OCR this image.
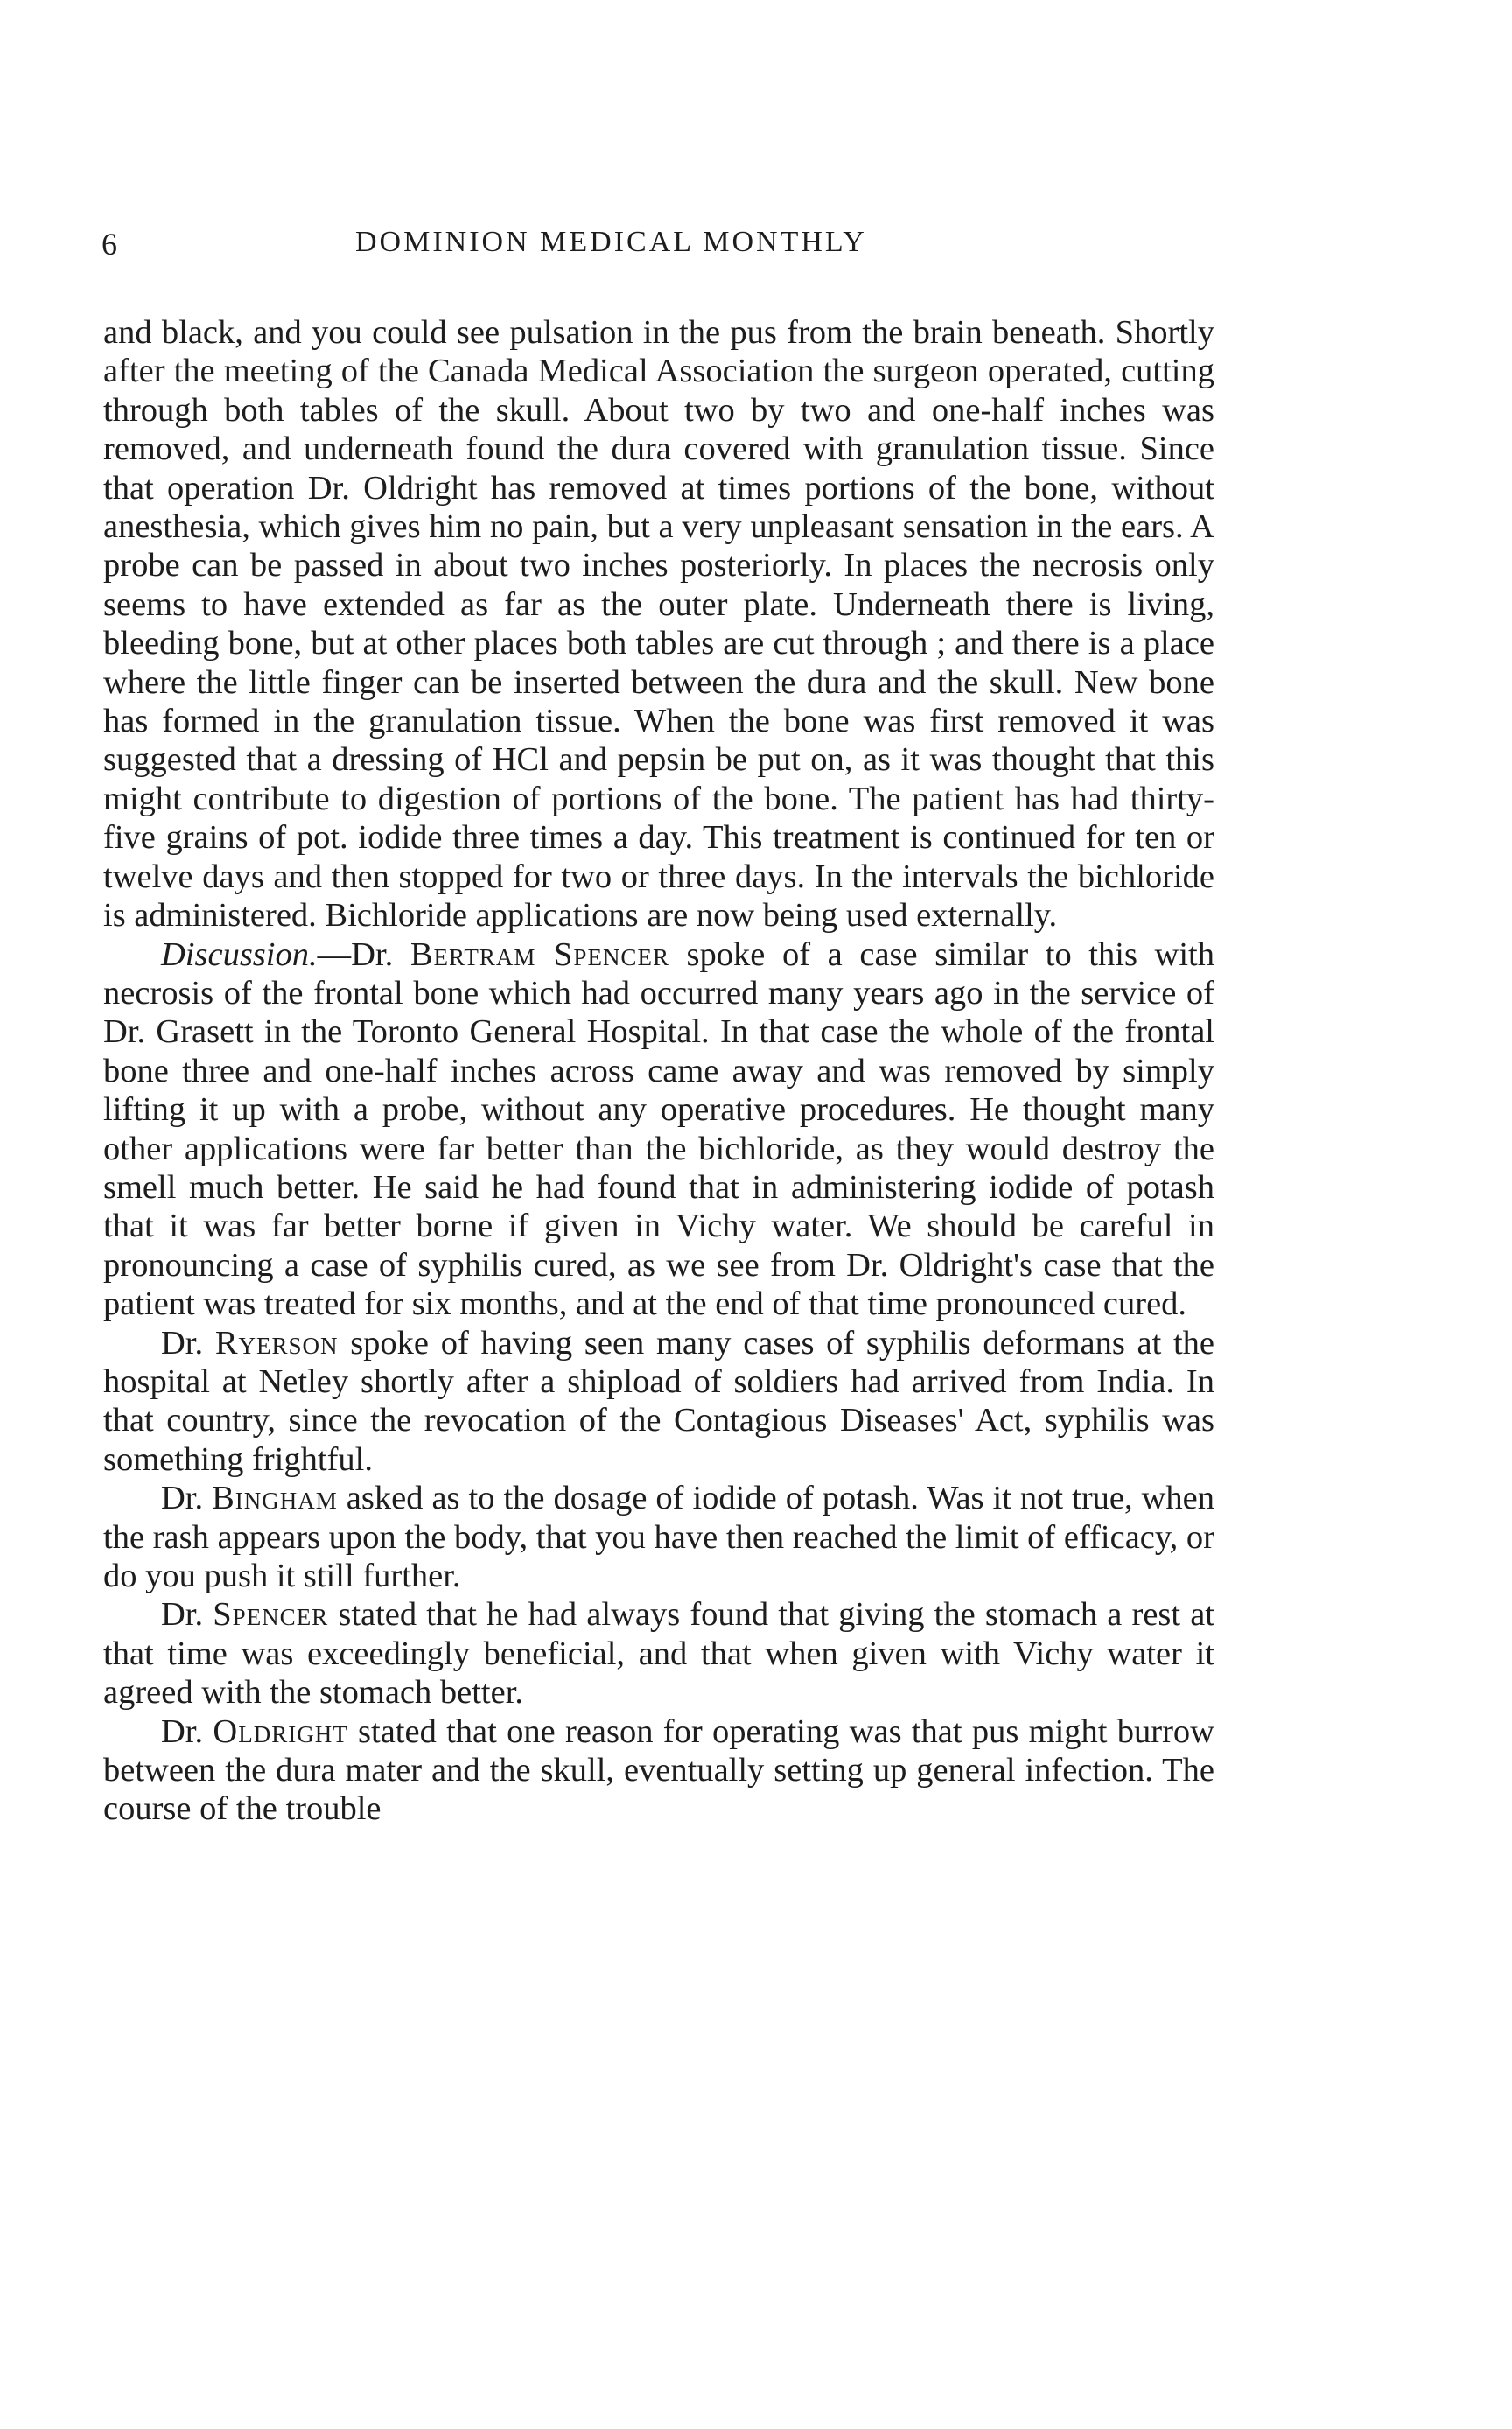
6	DOMINION MEDICAL MONTHLY

and black, and you could see pulsation in the pus from the brain beneath. Shortly after the meeting of the Canada Medical Association the surgeon operated, cutting through both tables of the skull. About two by two and one-half inches was removed, and underneath found the dura covered with granulation tissue. Since that operation Dr. Oldright has removed at times portions of the bone, without anesthesia, which gives him no pain, but a very unpleasant sensation in the ears. A probe can be passed in about two inches posteriorly. In places the necrosis only seems to have extended as far as the outer plate. Underneath there is living, bleeding bone, but at other places both tables are cut through ; and there is a place where the little finger can be inserted between the dura and the skull. New bone has formed in the granulation tissue. When the bone was first removed it was suggested that a dressing of HCl and pepsin be put on, as it was thought that this might contribute to digestion of portions of the bone. The patient has had thirty-five grains of pot. iodide three times a day. This treatment is continued for ten or twelve days and then stopped for two or three days. In the intervals the bichloride is administered. Bichloride applications are now being used externally.

Discussion.—Dr. Bertram Spencer spoke of a case similar to this with necrosis of the frontal bone which had occurred many years ago in the service of Dr. Grasett in the Toronto General Hospital. In that case the whole of the frontal bone three and one-half inches across came away and was removed by simply lifting it up with a probe, without any operative procedures. He thought many other applications were far better than the bichloride, as they would destroy the smell much better. He said he had found that in administering iodide of potash that it was far better borne if given in Vichy water. We should be careful in pronouncing a case of syphilis cured, as we see from Dr. Oldright's case that the patient was treated for six months, and at the end of that time pronounced cured.

Dr. Ryerson spoke of having seen many cases of syphilis deformans at the hospital at Netley shortly after a shipload of soldiers had arrived from India. In that country, since the revocation of the Contagious Diseases' Act, syphilis was something frightful.

Dr. Bingham asked as to the dosage of iodide of potash. Was it not true, when the rash appears upon the body, that you have then reached the limit of efficacy, or do you push it still further.

Dr. Spencer stated that he had always found that giving the stomach a rest at that time was exceedingly beneficial, and that when given with Vichy water it agreed with the stomach better.

Dr. Oldright stated that one reason for operating was that pus might burrow between the dura mater and the skull, eventually setting up general infection. The course of the trouble
